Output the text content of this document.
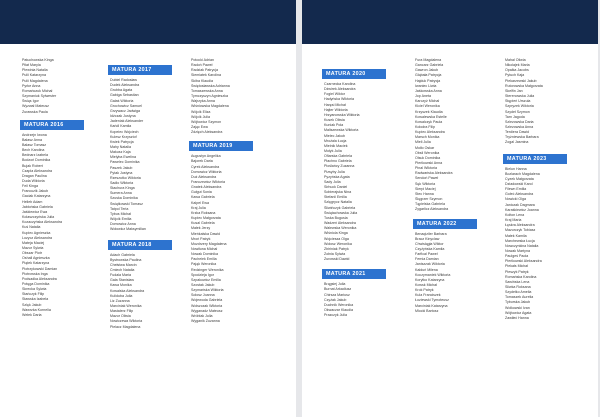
Patuchowska Kinga
Piłat Maryla
Plewinia Natalia
Pulii Katarzyna
Pulii Magdalena
Pyrke Anna
Romańczuk Michał
Szymaniuk Sylwester
Świąs Igor
Wyzwał Mateusz
Żurawska Paula
MATURA 2016
Andrzejn Iwona
Bałasz Anna
Bałasz Tomasz
Bech Karolina
Bednarz Izabela
Bodzoń Dominika
Bujak Robert
Czapla Aleksandra
Dragan Paulina
Duda Wiktoria
Feil Kinga
Francuzik Jakub
Gaciak Katarzyna
Helleb Adam
Jabłońska Gabriela
Jaśkiewicz Ewa
Kolaszczyńska Julia
Kozaczyńska Aleksandra
Kuś Natalia
Kupiec Agnieszka
Lozycz Aleksandra
Mateja Maciej
Mazur Sylwia
Obszar Piotr
Oshall Agnieszka
Piątek Katarzyna
Piotrzykowski Damian
Piotrowska Inga
Podsadka Aleksandra
Potęga Dominika
Skrecka Sylwia
Stańczyk Filip
Stawska Izabela
Szlęk Jakub
Wawrzka Kornelia
Wełek Daria
MATURA 2017
Dubiel Radosław
Dudek Aleksandra
Grubba Agata
Gabiga Sebastian
Gałaś Wiktoria
Grochowicz Samuel
Grzywacz Jadwiga
Idźczak Justyna
Jadeniak Aleksander
Kańdl Kamila
Kopeiec Wojciech
Kulesz Krzysztof
Kwiek Patrycja
Mahy Natalia
Makusz Kaja
Mielyba Ewelina
Pawelec Dominika
Paszek Jakub
Pytak Justyna
Rzeszutko Wiktoria
Sadło Wiktoria
Stachura Kinga
Sumera Anna
Szuska Dominika
Świątkowski Tomasz
Tatpol Teria
Tybus Michał
Wójcik Emilia
Domowicz Anna
Wołowicz Maksymilian
MATURA 2018
Adach Gabriela
Bystrowska Paulina
Chełstwa Marcin
Ćmiech Natalia
Fudala Maria
Gała Stanisław
Kawa Monika
Kowalska Aleksandra
Kuliduba Julia
Liz Zuzanna
Marciniak Weronika
Mastalerz Filip
Mazur Oliwia
Nowiczewa Wiktoria
Pielacz Magdalena
Potocki Adrian
Radoń Paweł
Radziak Patrycja
Siemiatek Karolina
Skiba Klaudia
Świętosławska Adrianna
Tomaszewska Anna
Tymczyszyn Agnieszka
Wajrzyka Anna
Wiśniowska Magdalena
Wójcik Eliza
Wójcik Julia
Wójtowicz Szymon
Zając Ewa
Zdzięch Aleksandra
MATURA 2019
Augustyn Angelika
Bajorek Daria
Cyrek Aleksandra
Domowicz Wiktoria
Duź Aleksandra
Franczewicz Wiktoria
Gnatek Aleksandra
Gułgut Sonia
Kawa Gabriela
Kalpel Ewa
Kraj Julia
Krzka Roksana
Kupiec Małgorzata
Kusal Gabriela
Małek Jerzy
Mieńkalska Dawid
Mroń Patryk
Mozdrzery Magdalena
Nowiłuna Michał
Nowak Dominika
Pacheiek Emilia
Pająk Weronika
Redzinger Weronika
Spodzieja Igor
Szpakowicz Emilia
Szostak Jakub
Szymańska Wiktoria
Sołosz Joanna
Wojewoda Gabriela
Wolszczak Wiktoria
Wyganadz Mateusz
Wróblak Julia
Wyganik Zuzanna
MATURA 2020
Czarnecka Karolina
Dżwirek Aleksandra
Fogiel Wiktor
Hadyńska Wiktoria
Haręsi Michał
Hajter Wiktoria
Hrzyanowska Wiktoria
Kusek Oliwia
Kuniak Pola
Maliszewska Wiktoria
Mielec Jakub
Mrożala Łucja
Mielnik Maciek
Mołyk Julia
Ofiarska Gabriela
Płachno Gabriela
Pioślańcy Zuzanna
Pizsyby Julia
Pyzyńska Agata
Sady Julia
Sirhuck Daniel
Sobierajska Nina
Stefanii Emilia
Szlęgrycz Natalia
Śliwińczyk Gabriela
Świątachowska Julia
Tuska Bugusia
Wadzeń Aleksandra
Walewska Weronika
Wiśniola Kinga
Wojciesza Olga
Wołosz Weronika
Zbiriniak Patryk
Żołnia Sylwia
Żurowski Dawid
MATURA 2021
Brągsiej Julia
Burnat Arkadiusz
Chirsza Mariusz
Czyżak Jakub
Duchnik Weronika
Okwaczar Klaudia
Prazczyk Julia
Fura Magdalena
Gancarz Gabriela
Gawron Jakub
Głąbała Patrycja
Hajduk Patrycja
Iwaniec Liwia
Jaśkowska Anna
Jop Aneta
Karczyż Michał
Kiciel Weronika
Krzyszek Klaudia
Kowalewska Estelle
Kowalczyk Paula
Kołodra Filip
Kupiec Aleksandra
Marsch Monika
Mieli Julia
Mołło Oskar
Obsil Weronika
Olsuk Dominika
Pieńkowski Anna
Pinal Wiktoria
Radwańska Aleksandra
Sendoń Paweł
Sęk Wiktoria
Sierpi Maciej
Stec Hanna
Ślęgrzer Szymon
Tąpielska Gabriela
Zygarlicz Aleksandra
MATURA 2022
Benaqiziler Barbara
Bracz Kinyclaw
Chwisłągła Wiktor
Czyżyńska Kamila
Farfical Paweł
Fernia Damian
Janiszzak Wiktoria
Kałduń Milena
Koczymaniek Wiktoria
Korytko Katarzyna
Kowsk Michał
Krok Patryk
Kula Franciszek
Łoziewski Tymoteusz
Marciniak Katarzyna
Mlocki Bartosz
Mahal Oliwia
Nikolajek Maria
Opałka Jacobs
Pytuch Kaja
Piekarzewski Jakub
Rutorowska Małgorzata
Skelfin Jan
Sterenowska Julia
Stępień Urszula
Szpryzek Wiktoria
Szydeł Szymon
Tarn Jagoda
Szlezowska Daria
Szlezowska Anna
Terdiera Dawid
Tryżniewska Barbara
Żogal Jasmina
MATURA 2023
Bielun Hanna
Bozlarach Magdalena
Cyzek Małgorzata
Dziadowski Karol
Filewn Emilia
Gołeć Aleksandra
Nowicki Olga
Janiczak Dagmara
Karaśkiewicz Joanna
Kołton Lena
Kraj Maria
Łęskra Aleksandra
Mazurczyk Tobiasz
Małek Kamila
Marchewska Łucja
Nowczynkina Natalia
Nowak Martyna
Paulgeś Paola
Pieńkowski Aleksandra
Piekałs Michał
Pieszyk Patryk
Romańska Karolina
Sawińska Lena
Sliwka Roksana
Szydełko Amelia
Tomaszek Aurelia
Tyburska Jakub
Wolkowski Ivan
Wójtowicz Agata
Zawiłeć Hanna
